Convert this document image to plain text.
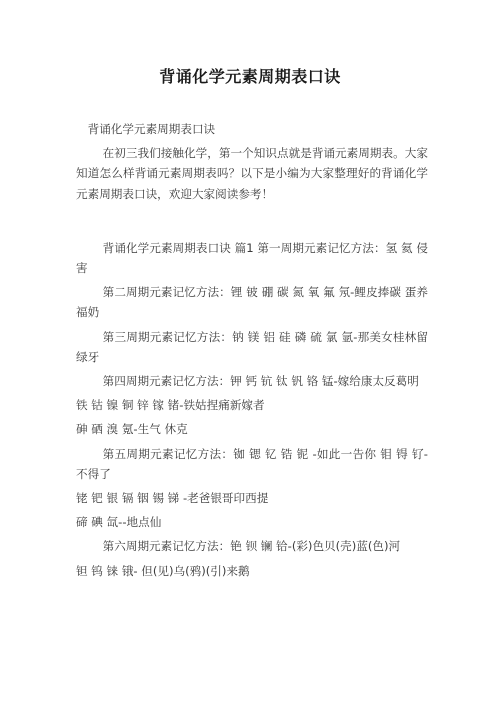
背诵化学元素周期表口诀

背诵化学元素周期表口诀

在初三我们接触化学，第一个知识点就是背诵元素周期表。大家知道怎么样背诵元素周期表吗？以下是小编为大家整理好的背诵化学元素周期表口诀，欢迎大家阅读参考！

背诵化学元素周期表口诀 篇1 第一周期元素记忆方法：氢 氦 侵害

第二周期元素记忆方法：锂 铍 硼 碳 氮 氧 氟 氖-鲤皮捧碳 蛋养福奶

第三周期元素记忆方法：钠 镁 铝 硅 磷 硫 氯 氩-那美女桂林留绿牙

第四周期元素记忆方法：钾 钙 钪 钛 钒 铬 锰-嫁给康太反葛明

铁 钴 镍 铜 锌 镓 锗-铁姑捏痛新嫁者

砷 硒 溴 氪-生气 休克

第五周期元素记忆方法：铷 锶 钇 锆 铌 -如此一告你 钼 锝 钌-不得了

铑 钯 银 镉 铟 锡 锑 -老爸银哥印西提

碲 碘 氙--地点仙

第六周期元素记忆方法：铯 钡 镧 铪-(彩)色贝(壳)蓝(色)河

钽 钨 铼 锇- 但(见)乌(鸦)(引)来鹅
